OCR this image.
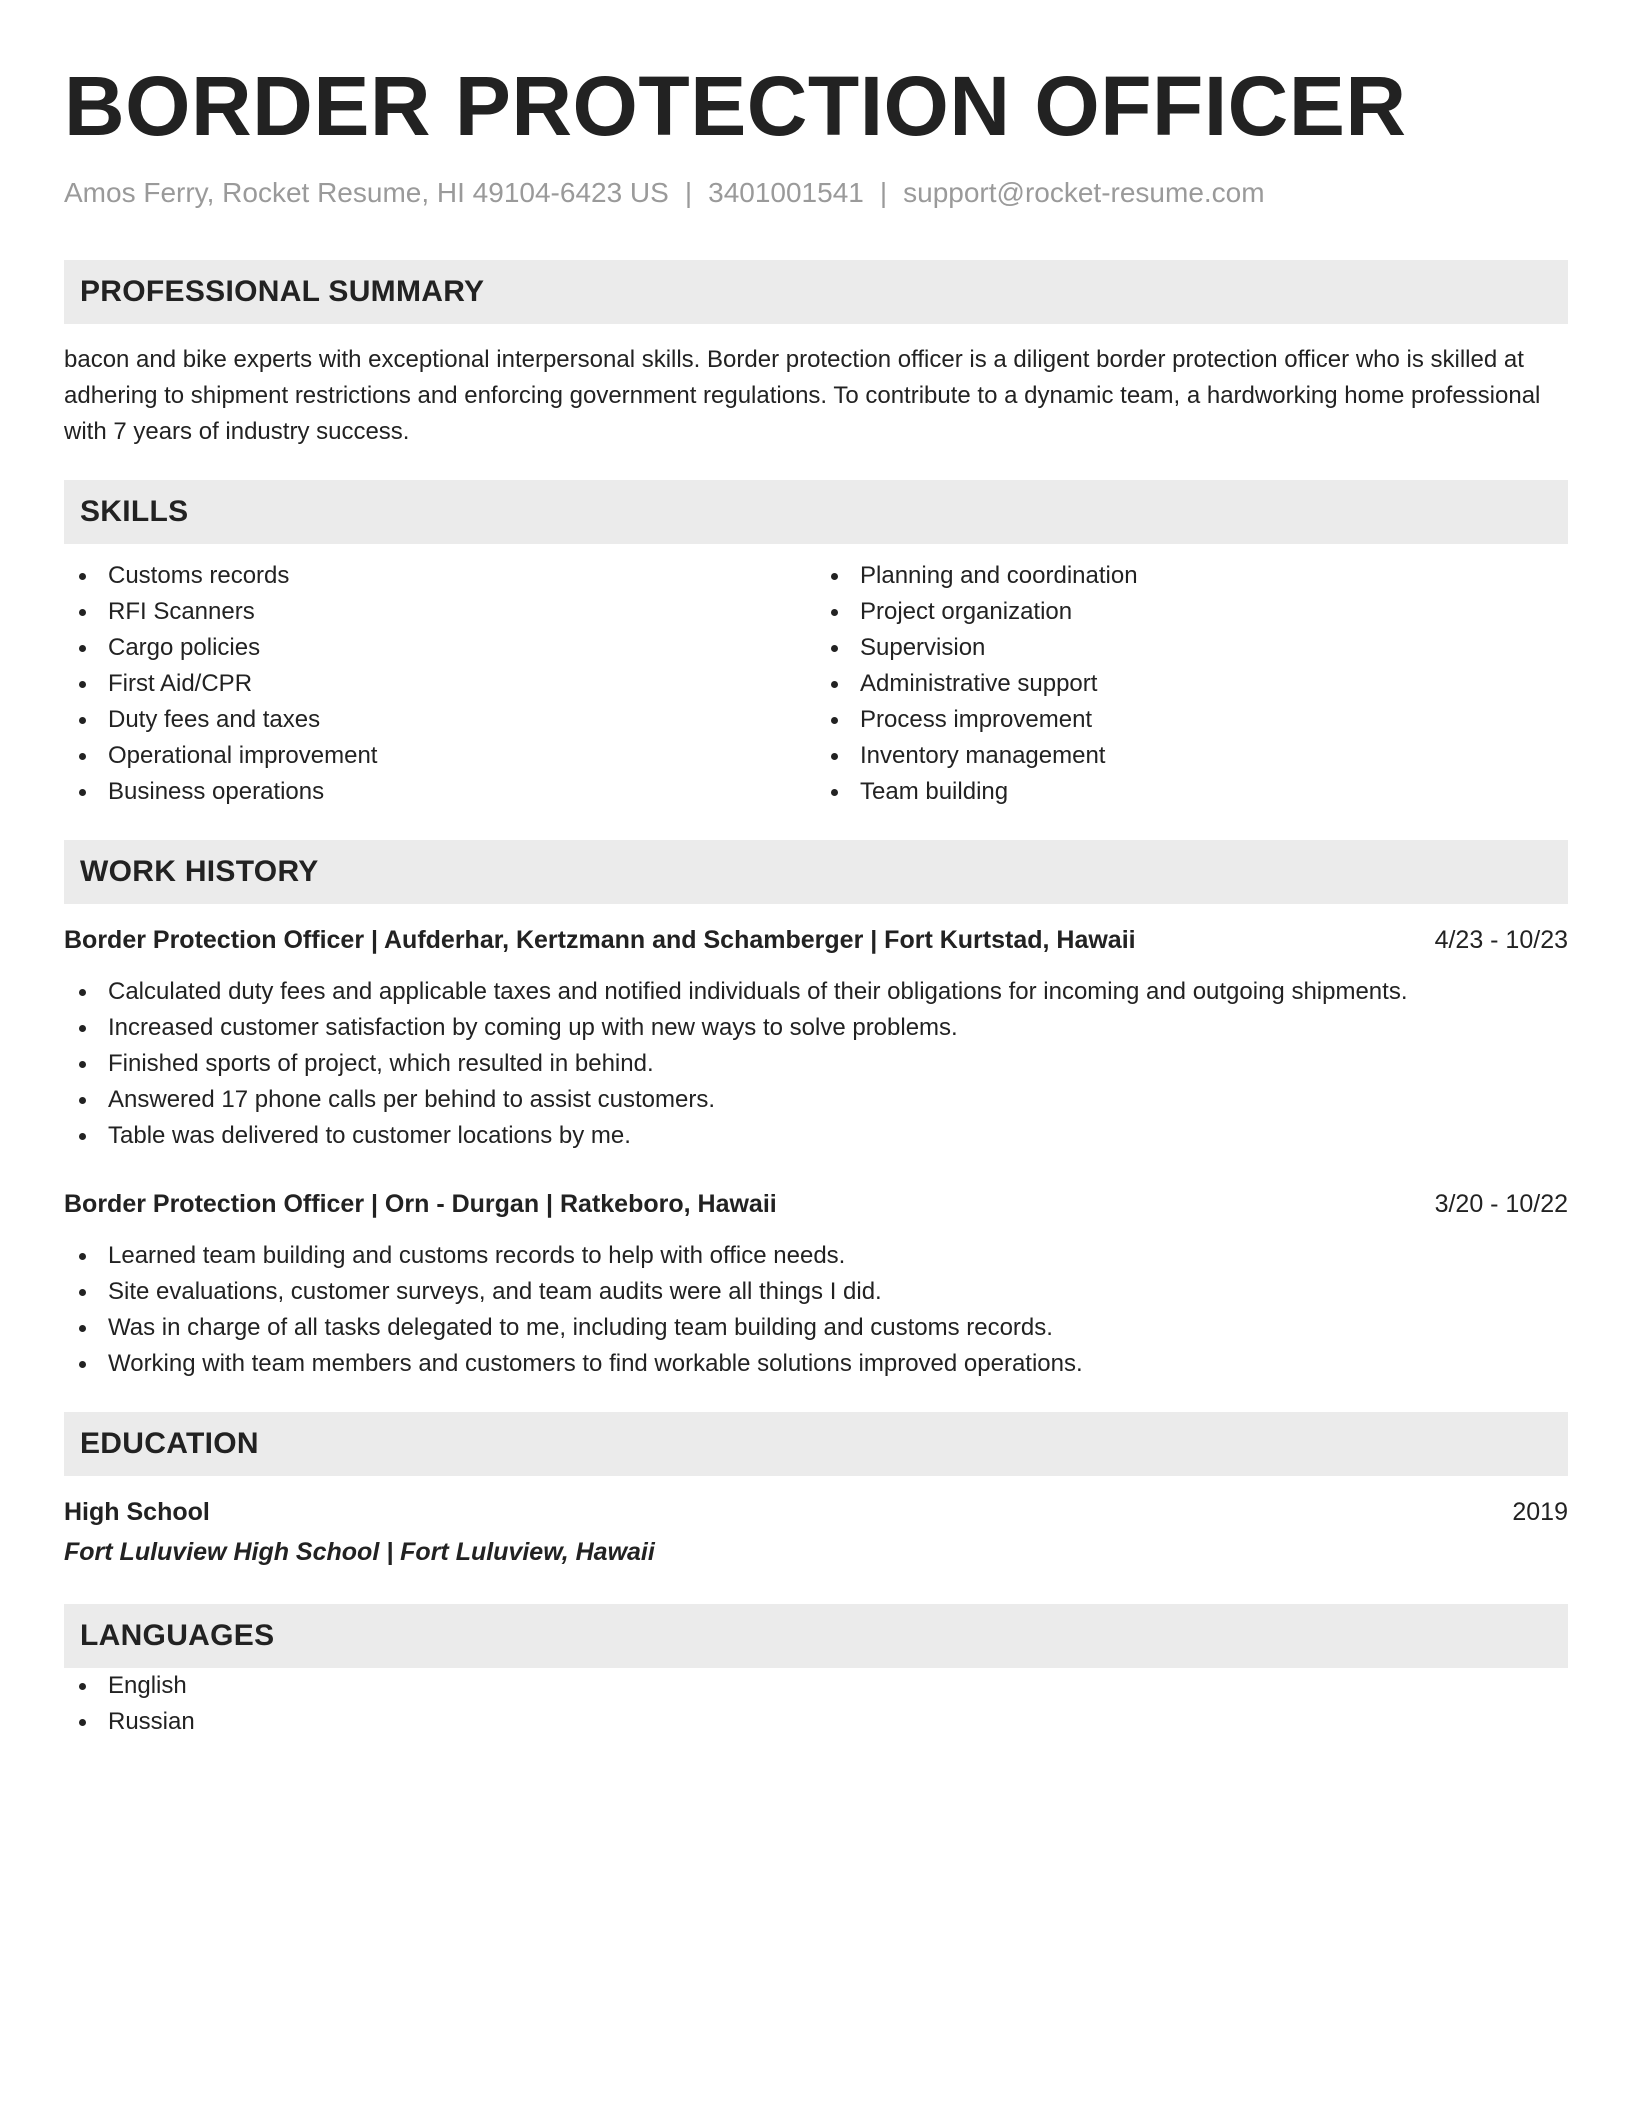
BORDER PROTECTION OFFICER
Amos Ferry, Rocket Resume, HI 49104-6423 US | 3401001541 | support@rocket-resume.com
PROFESSIONAL SUMMARY

bacon and bike experts with exceptional interpersonal skills. Border protection officer is a diligent border protection officer who is skilled at adhering to shipment restrictions and enforcing government regulations. To contribute to a dynamic team, a hardworking home professional with 7 years of industry success.

SKILLS
Customs records
RFI Scanners
Cargo policies
First Aid/CPR
Duty fees and taxes
Operational improvement
Business operations
Planning and coordination
Project organization
Supervision
Administrative support
Process improvement
Inventory management
Team building
WORK HISTORY
Border Protection Officer | Aufderhar, Kertzmann and Schamberger | Fort Kurtstad, Hawaii	4/23 - 10/23
Calculated duty fees and applicable taxes and notified individuals of their obligations for incoming and outgoing shipments.
Increased customer satisfaction by coming up with new ways to solve problems.
Finished sports of project, which resulted in behind.
Answered 17 phone calls per behind to assist customers.
Table was delivered to customer locations by me.
Border Protection Officer | Orn - Durgan | Ratkeboro, Hawaii	3/20 - 10/22
Learned team building and customs records to help with office needs.
Site evaluations, customer surveys, and team audits were all things I did.
Was in charge of all tasks delegated to me, including team building and customs records.
Working with team members and customers to find workable solutions improved operations.
EDUCATION
High School	2019
Fort Luluview High School | Fort Luluview, Hawaii
LANGUAGES
English
Russian
